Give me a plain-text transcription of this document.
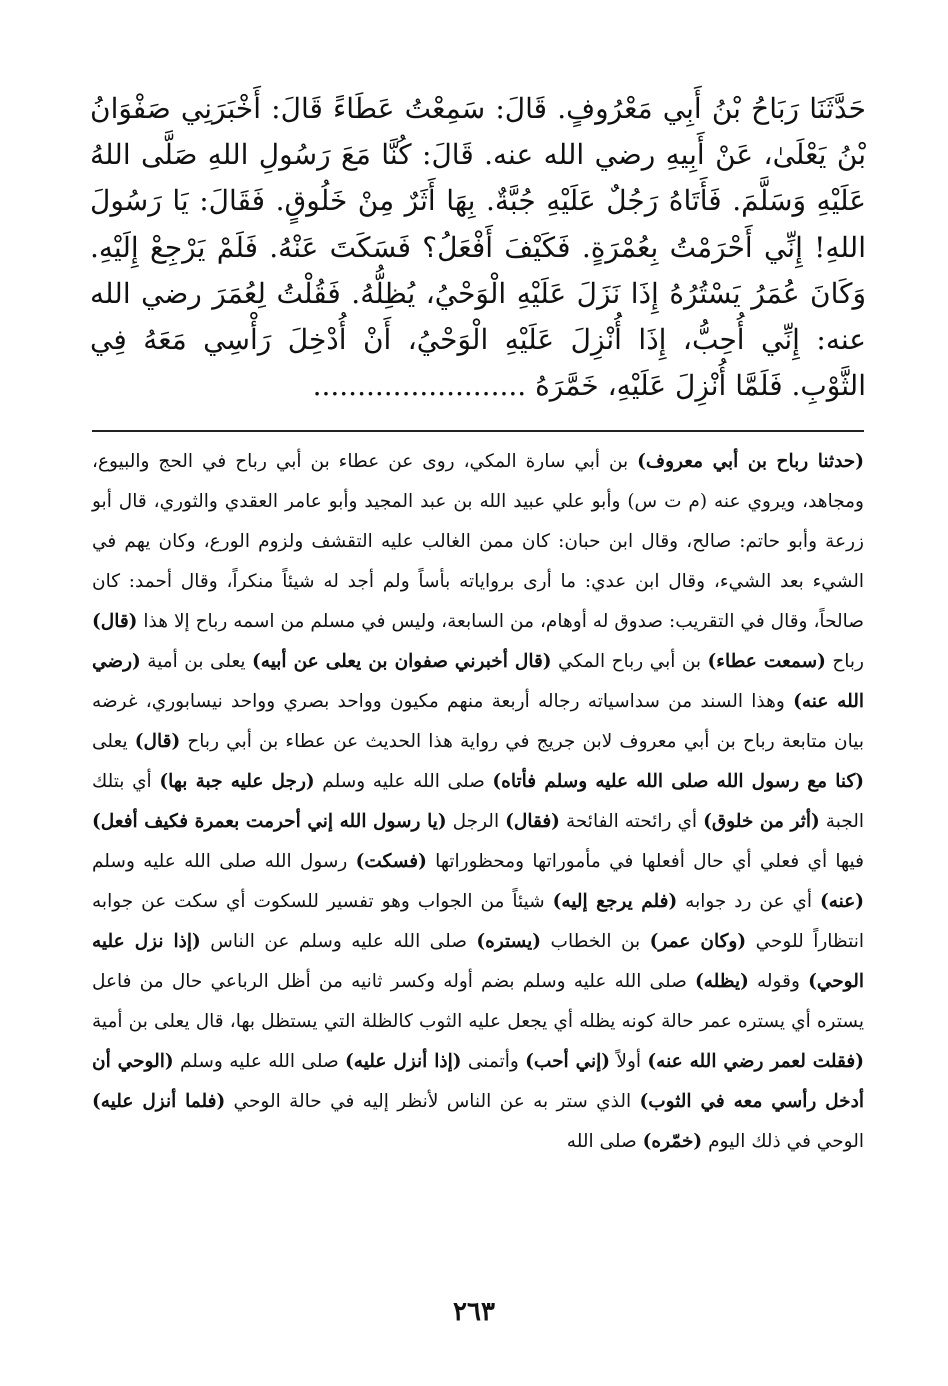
حَدَّثَنَا رَبَاحُ بْنُ أَبِي مَعْرُوفٍ. قَالَ: سَمِعْتُ عَطَاءً قَالَ: أَخْبَرَنِي صَفْوَانُ بْنُ يَعْلَىٰ، عَنْ أَبِيهِ رضي الله عنه. قَالَ: كُنَّا مَعَ رَسُولِ اللهِ صَلَّى اللهُ عَلَيْهِ وَسَلَّمَ. فَأَتَاهُ رَجُلٌ عَلَيْهِ جُبَّةٌ. بِهَا أَثَرٌ مِنْ خَلُوقٍ. فَقَالَ: يَا رَسُولَ اللهِ! إِنِّي أَحْرَمْتُ بِعُمْرَةٍ. فَكَيْفَ أَفْعَلُ؟ فَسَكَتَ عَنْهُ. فَلَمْ يَرْجِعْ إِلَيْهِ. وَكَانَ عُمَرُ يَسْتُرُهُ إِذَا نَزَلَ عَلَيْهِ الْوَحْيُ، يُظِلُّهُ. فَقُلْتُ لِعُمَرَ رضي الله عنه: إِنِّي أُحِبُّ، إِذَا أُنْزِلَ عَلَيْهِ الْوَحْيُ، أَنْ أُدْخِلَ رَأْسِي مَعَهُ فِي الثَّوْبِ. فَلَمَّا أُنْزِلَ عَلَيْهِ، خَمَّرَهُ ........................
(حدثنا رباح بن أبي معروف) بن أبي سارة المكي، روى عن عطاء بن أبي رباح في الحج والبيوع، ومجاهد، ويروي عنه (م ت س) وأبو علي عبيد الله بن عبد المجيد وأبو عامر العقدي والثوري، قال أبو زرعة وأبو حاتم: صالح، وقال ابن حبان: كان ممن الغالب عليه التقشف ولزوم الورع، وكان يهم في الشيء بعد الشيء، وقال ابن عدي: ما أرى برواياته بأساً ولم أجد له شيئاً منكراً، وقال أحمد: كان صالحاً، وقال في التقريب: صدوق له أوهام، من السابعة، وليس في مسلم من اسمه رباح إلا هذا (قال) رباح (سمعت عطاء) بن أبي رباح المكي (قال أخبرني صفوان بن يعلى عن أبيه) يعلى بن أمية (رضي الله عنه) وهذا السند من سداسياته رجاله أربعة منهم مكيون وواحد بصري وواحد نيسابوري، غرضه بيان متابعة رباح بن أبي معروف لابن جريج في رواية هذا الحديث عن عطاء بن أبي رباح (قال) يعلى (كنا مع رسول الله صلى الله عليه وسلم فأتاه) صلى الله عليه وسلم (رجل عليه جبة بها) أي بتلك الجبة (أثر من خلوق) أي رائحته الفائحة (فقال) الرجل (يا رسول الله إني أحرمت بعمرة فكيف أفعل) فيها أي فعلي أي حال أفعلها في مأموراتها ومحظوراتها (فسكت) رسول الله صلى الله عليه وسلم (عنه) أي عن رد جوابه (فلم يرجع إليه) شيئاً من الجواب وهو تفسير للسكوت أي سكت عن جوابه انتظاراً للوحي (وكان عمر) بن الخطاب (يستره) صلى الله عليه وسلم عن الناس (إذا نزل عليه الوحي) وقوله (يظله) صلى الله عليه وسلم بضم أوله وكسر ثانيه من أظل الرباعي حال من فاعل يستره أي يستره عمر حالة كونه يظله أي يجعل عليه الثوب كالظلة التي يستظل بها، قال يعلى بن أمية (فقلت لعمر رضي الله عنه) أولاً (إني أحب) وأتمنى (إذا أنزل عليه) صلى الله عليه وسلم (الوحي أن أدخل رأسي معه في الثوب) الذي ستر به عن الناس لأنظر إليه في حالة الوحي (فلما أنزل عليه) الوحي في ذلك اليوم (خمّره) صلى الله
٢٦٣
